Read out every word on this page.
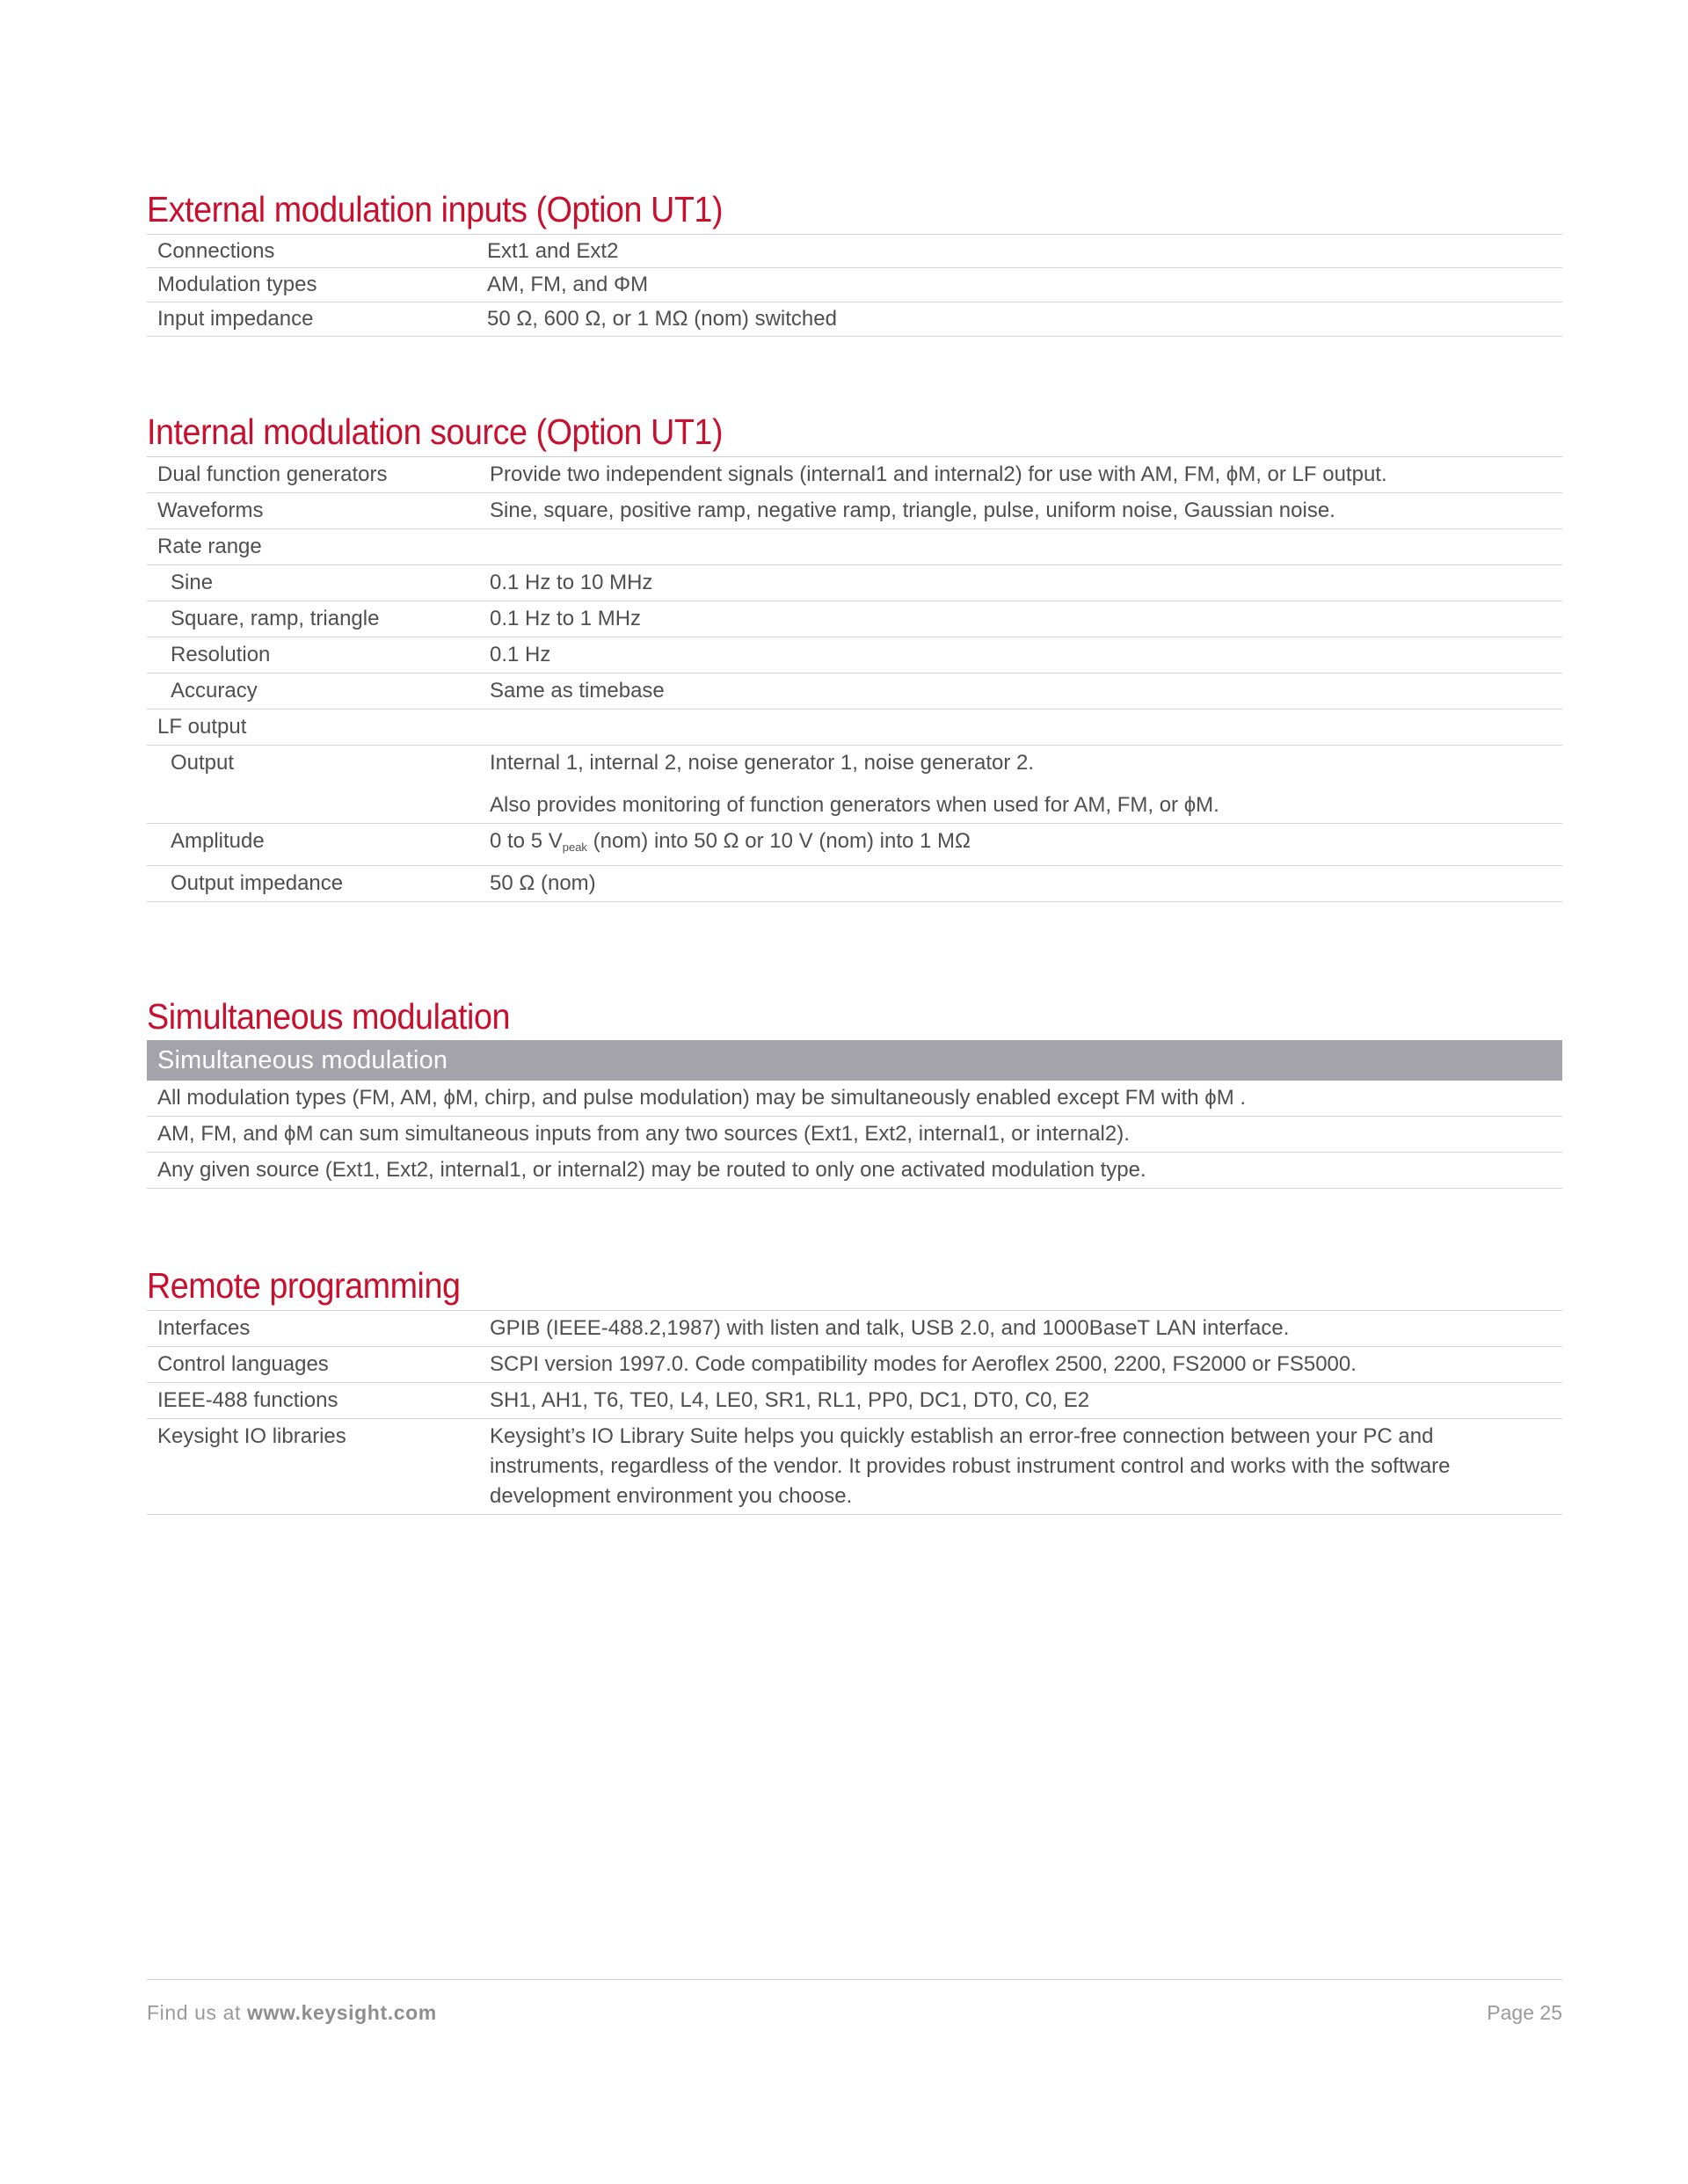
External modulation inputs (Option UT1)
Connections	Ext1 and Ext2
Modulation types	AM, FM, and ΦM
Input impedance	50 Ω, 600 Ω, or 1 MΩ (nom) switched
Internal modulation source (Option UT1)
Dual function generators	Provide two independent signals (internal1 and internal2) for use with AM, FM, ϕM, or LF output.
Waveforms	Sine, square, positive ramp, negative ramp, triangle, pulse, uniform noise, Gaussian noise.
Rate range
Sine	0.1 Hz to 10 MHz
Square, ramp, triangle	0.1 Hz to 1 MHz
Resolution	0.1 Hz
Accuracy	Same as timebase
LF output
Output	Internal 1, internal 2, noise generator 1, noise generator 2.

Also provides monitoring of function generators when used for AM, FM, or ϕM.

Amplitude	0 to 5 $V_{peak}$ (nom) into 50 Ω or 10 V (nom) into 1 MΩ
Output impedance	50 Ω (nom)
Simultaneous modulation
Simultaneous modulation
All modulation types (FM, AM, ϕM, chirp, and pulse modulation) may be simultaneously enabled except FM with ϕM .
AM, FM, and ϕM can sum simultaneous inputs from any two sources (Ext1, Ext2, internal1, or internal2).
Any given source (Ext1, Ext2, internal1, or internal2) may be routed to only one activated modulation type.
Remote programming
Interfaces	GPIB (IEEE-488.2,1987) with listen and talk, USB 2.0, and 1000BaseT LAN interface.
Control languages	SCPI version 1997.0. Code compatibility modes for Aeroflex 2500, 2200, FS2000 or FS5000.
IEEE-488 functions	SH1, AH1, T6, TE0, L4, LE0, SR1, RL1, PP0, DC1, DT0, C0, E2
Keysight IO libraries	Keysight’s IO Library Suite helps you quickly establish an error-free connection between your PC and instruments, regardless of the vendor. It provides robust instrument control and works with the software development environment you choose.
Find us at www.keysight.com	Page 25
